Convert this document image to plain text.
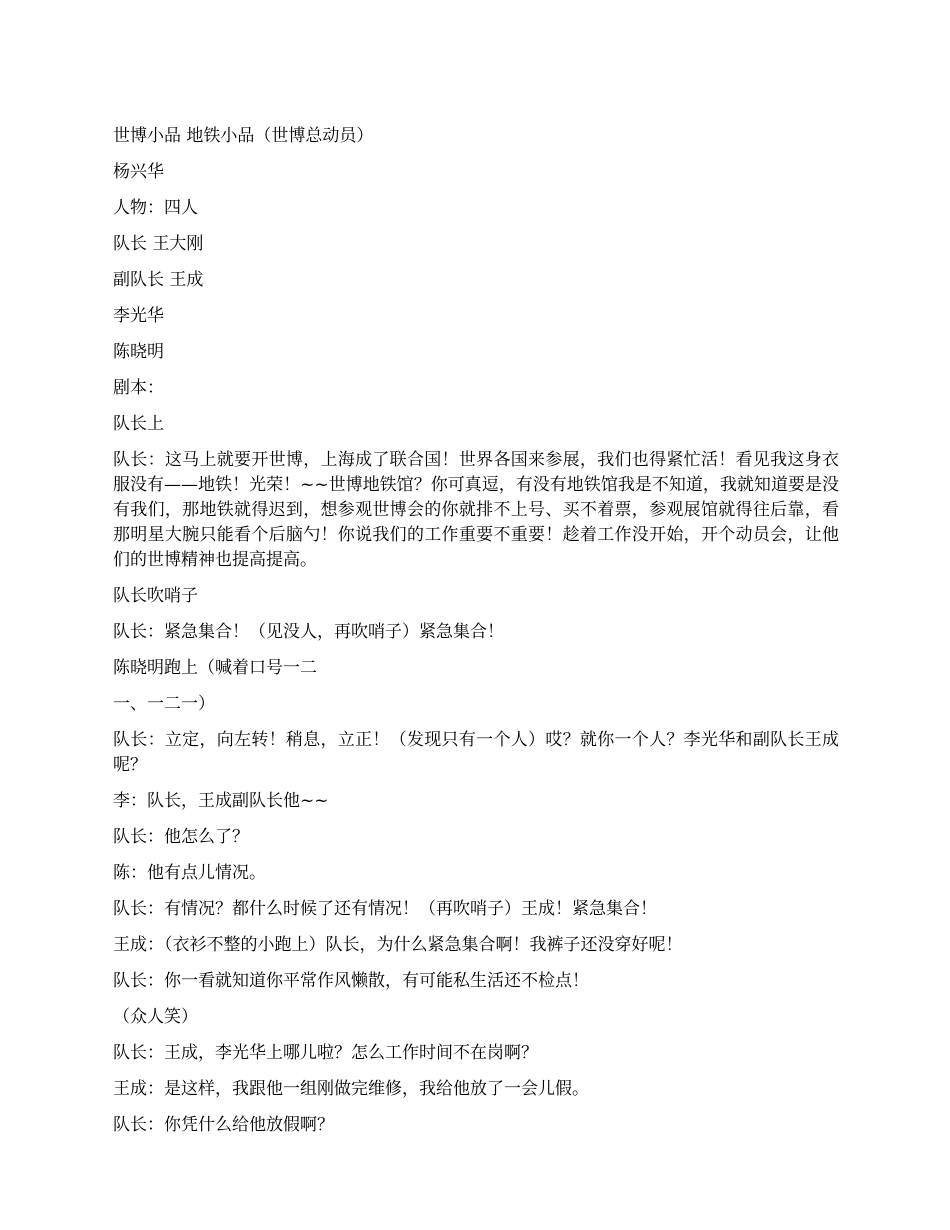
世博小品 地铁小品（世博总动员）

杨兴华

人物：四人

队长 王大刚

副队长 王成

李光华

陈晓明

剧本：

队长上

队长：这马上就要开世博，上海成了联合国！世界各国来参展，我们也得紧忙活！看见我这身衣服没有——地铁！光荣！~~世博地铁馆？你可真逗，有没有地铁馆我是不知道，我就知道要是没有我们，那地铁就得迟到，想参观世博会的你就排不上号、买不着票，参观展馆就得往后靠，看那明星大腕只能看个后脑勺！你说我们的工作重要不重要！趁着工作没开始，开个动员会，让他们的世博精神也提高提高。

队长吹哨子

队长：紧急集合！（见没人，再吹哨子）紧急集合！

陈晓明跑上（喊着口号一二

一、一二一）

队长：立定，向左转！稍息，立正！（发现只有一个人）哎？就你一个人？李光华和副队长王成呢？

李：队长，王成副队长他~~

队长：他怎么了？

陈：他有点儿情况。

队长：有情况？都什么时候了还有情况！（再吹哨子）王成！紧急集合！

王成：（衣衫不整的小跑上）队长，为什么紧急集合啊！我裤子还没穿好呢！

队长：你一看就知道你平常作风懒散，有可能私生活还不检点！

（众人笑）

队长：王成，李光华上哪儿啦？怎么工作时间不在岗啊？

王成：是这样，我跟他一组刚做完维修，我给他放了一会儿假。

队长：你凭什么给他放假啊？
